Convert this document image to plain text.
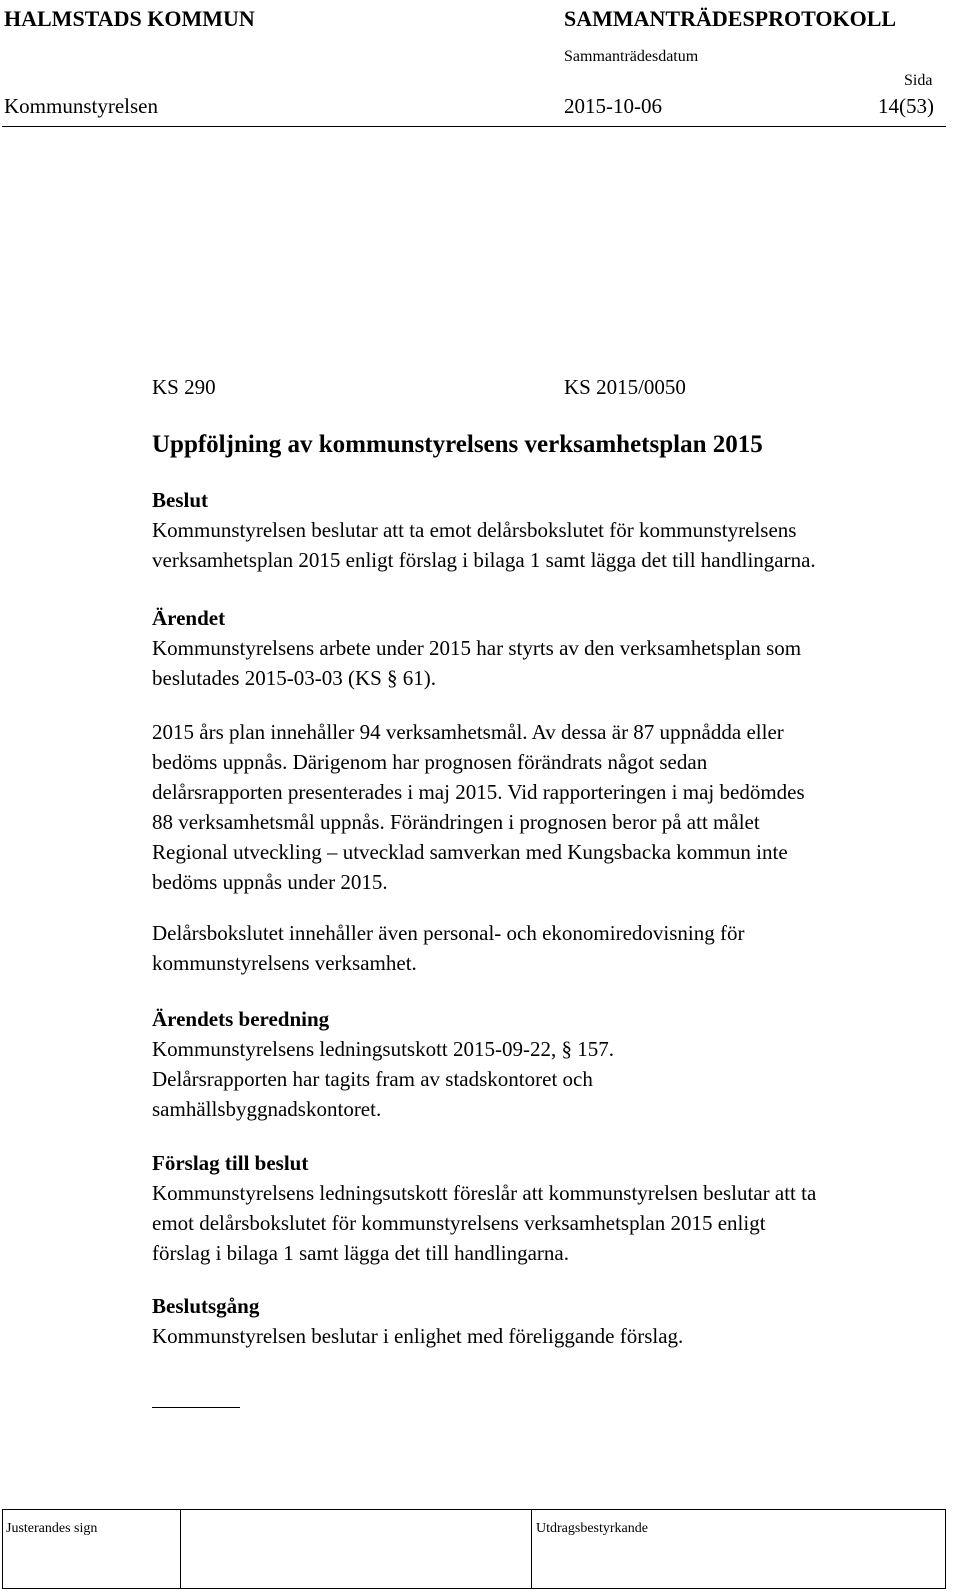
HALMSTADS KOMMUN	SAMMANTRÄDESPROTOKOLL
Sammanträdesdatum
Sida
Kommunstyrelsen	2015-10-06	14(53)
KS 290	KS 2015/0050
Uppföljning av kommunstyrelsens verksamhetsplan 2015
Beslut
Kommunstyrelsen beslutar att ta emot delårsbokslutet för kommunstyrelsens
verksamhetsplan 2015 enligt förslag i bilaga 1 samt lägga det till handlingarna.
Ärendet
Kommunstyrelsens arbete under 2015 har styrts av den verksamhetsplan som
beslutades 2015-03-03 (KS § 61).
2015 års plan innehåller 94 verksamhetsmål. Av dessa är 87 uppnådda eller
bedöms uppnås. Därigenom har prognosen förändrats något sedan
delårsrapporten presenterades i maj 2015. Vid rapporteringen i maj bedömdes
88 verksamhetsmål uppnås. Förändringen i prognosen beror på att målet
Regional utveckling – utvecklad samverkan med Kungsbacka kommun inte
bedöms uppnås under 2015.
Delårsbokslutet innehåller även personal- och ekonomiredovisning för
kommunstyrelsens verksamhet.
Ärendets beredning
Kommunstyrelsens ledningsutskott 2015-09-22, § 157.
Delårsrapporten har tagits fram av stadskontoret och
samhällsbyggnadskontoret.
Förslag till beslut
Kommunstyrelsens ledningsutskott föreslår att kommunstyrelsen beslutar att ta
emot delårsbokslutet för kommunstyrelsens verksamhetsplan 2015 enligt
förslag i bilaga 1 samt lägga det till handlingarna.
Beslutsgång
Kommunstyrelsen beslutar i enlighet med föreliggande förslag.
Justerandes sign	Utdragsbestyrkande
